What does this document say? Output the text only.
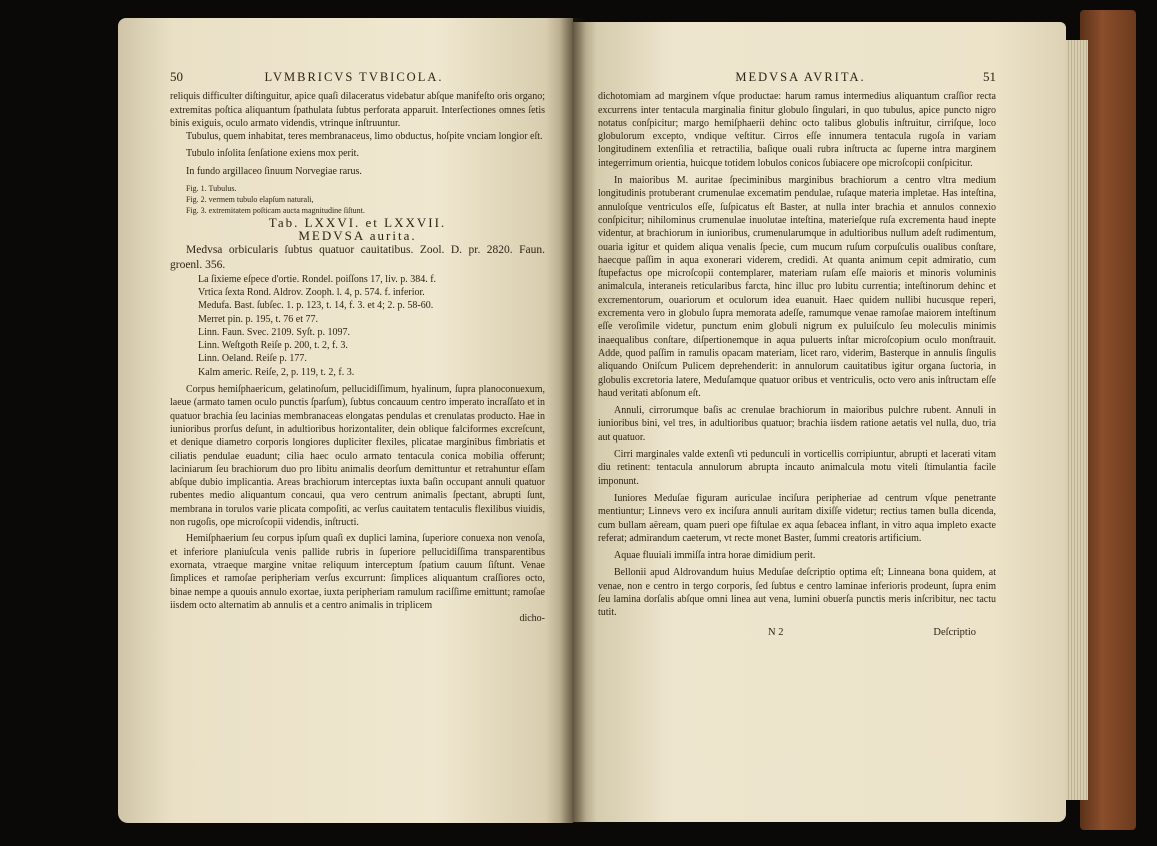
50	LVMBRICVS TVBICOLA.

reliquis difficulter diſtinguitur, apice quaſi dilaceratus videbatur abſque manifeſto oris organo; extremitas poſtica aliquantum ſpathulata ſubtus perforata apparuit. Interſectiones omnes ſetis binis exiguis, oculo armato videndis, vtrinque inſtruuntur.

Tubulus, quem inhabitat, teres membranaceus, limo obductus, hoſpite vnciam longior eſt.

Tubulo inſolita ſenſatione exiens mox perit.

In fundo argillaceo ſinuum Norvegiae rarus.

Fig. 1. Tubulus.

Fig. 2. vermem tubulo elapſum naturali,

Fig. 3. extremitatem poſticam aucta magnitudine ſiſtunt.

Tab. LXXVI. et LXXVII.

MEDVSA aurita.

Medvsa orbicularis ſubtus quatuor cauitatibus. Zool. D. pr. 2820. Faun. groenl. 356.

La ſixieme eſpece d'ortie. Rondel. poiſſons 17, liv. p. 384. f.

Vrtica ſexta Rond. Aldrov. Zooph. l. 4, p. 574. f. inferior.

Medufa. Bast. ſubſec. 1. p. 123, t. 14, f. 3. et 4; 2. p. 58-60.

Merret pin. p. 195, t. 76 et 77.

Linn. Faun. Svec. 2109. Syſt. p. 1097.

Linn. Weſtgoth Reiſe p. 200, t. 2, f. 3.

Linn. Oeland. Reiſe p. 177.

Kalm americ. Reiſe, 2, p. 119, t. 2, f. 3.

Corpus hemiſphaericum, gelatinoſum, pellucidiſſimum, hyalinum, ſupra planoconuexum, laeue (armato tamen oculo punctis ſparſum), ſubtus concauum centro imperato incraſſato et in quatuor brachia ſeu lacinias membranaceas elongatas pendulas et crenulatas producto. Hae in iunioribus prorſus deſunt, in adultioribus horizontaliter, dein oblique falciformes excreſcunt, et denique diametro corporis longiores dupliciter flexiles, plicatae marginibus fimbriatis et ciliatis pendulae euadunt; cilia haec oculo armato tentacula conica mobilia offerunt; laciniarum ſeu brachiorum duo pro libitu animalis deorſum demittuntur et retrahuntur eſſam abſque dubio implicantia. Areas brachiorum interceptas iuxta baſin occupant annuli quatuor rubentes medio aliquantum concaui, qua vero centrum animalis ſpectant, abrupti ſunt, membrana in torulos varie plicata compoſiti, ac verſus cauitatem tentaculis flexilibus viuidis, non rugoſis, ope microſcopii videndis, inſtructi.

Hemiſphaerium ſeu corpus ipſum quaſi ex duplici lamina, ſuperiore conuexa non venoſa, et inferiore planiuſcula venis pallide rubris in ſuperiore pellucidiſſima transparentibus exornata, vtraeque margine vnitae reliquum interceptum ſpatium cauum ſiſtunt. Venae ſimplices et ramoſae peripheriam verſus excurrunt: ſimplices aliquantum craſſiores octo, binae nempe a quouis annulo exortae, iuxta peripheriam ramulum raciſſime emittunt; ramoſae iisdem octo alternatim ab annulis et a centro animalis in triplicem

dicho-

MEDVSA AVRITA.	51

dichotomiam ad marginem vſque productae: harum ramus intermedius aliquantum craſſior recta excurrens inter tentacula marginalia finitur globulo ſingulari, in quo tubulus, apice puncto nigro notatus conſpicitur; margo hemiſphaerii dehinc octo talibus globulis inſtruitur, cirriſque, loco globulorum excepto, vndique veſtitur. Cirros eſſe innumera tentacula rugoſa in variam longitudinem extenſilia et retractilia, baſique ouali rubra inſtructa ac ſuperne intra marginem integerrimum orientia, huicque totidem lobulos conicos ſubiacere ope microſcopii conſpicitur.

In maioribus M. auritae ſpeciminibus marginibus brachiorum a centro vltra medium longitudinis protuberant crumenulae excematim pendulae, ruſaque materia impletae. Has inteſtina, annuloſque ventriculos eſſe, ſuſpicatus eſt Baster, at nulla inter brachia et annulos connexio conſpicitur; nihilominus crumenulae inuolutae inteſtina, materieſque ruſa excrementa haud inepte videntur, at brachiorum in iunioribus, crumenularumque in adultioribus nullum adeſt rudimentum, ouaria igitur et quidem aliqua venalis ſpecie, cum mucum ruſum corpuſculis oualibus conſtare, haecque paſſim in aqua exonerari viderem, credidi. At quanta animum cepit admiratio, cum ſtupefactus ope microſcopii contemplarer, materiam ruſam eſſe maioris et minoris voluminis animalcula, interaneis reticularibus farcta, hinc illuc pro lubitu currentia; inteſtinorum dehinc et excrementorum, ouariorum et oculorum idea euanuit. Haec quidem nullibi hucusque reperi, excrementa vero in globulo ſupra memorata adeſſe, ramumque venae ramoſae maiorem inteſtinum eſſe veroſimile videtur, punctum enim globuli nigrum ex puluiſculo ſeu moleculis minimis inaequalibus conſtare, diſpertionemque in aqua puluerts inſtar microſcopium oculo monſtrauit. Adde, quod paſſim in ramulis opacam materiam, licet raro, viderim, Basterque in annulis ſingulis aliquando Oniſcum Pulicem deprehenderit: in annulorum cauitatibus igitur organa ſuctoria, in globulis excretoria latere, Meduſamque quatuor oribus et ventriculis, octo vero anis inſtructam eſſe haud veritati abſonum eſt.

Annuli, cirrorumque baſis ac crenulae brachiorum in maioribus pulchre rubent. Annuli in iunioribus bini, vel tres, in adultioribus quatuor; brachia iisdem ratione aetatis vel nulla, duo, tria aut quatuor.

Cirri marginales valde extenſi vti pedunculi in vorticellis corripiuntur, abrupti et lacerati vitam diu retinent: tentacula annulorum abrupta incauto animalcula motu viteli ſtimulantia facile imponunt.

Iuniores Meduſae figuram auriculae inciſura peripheriae ad centrum vſque penetrante mentiuntur; Linnevs vero ex inciſura annuli auritam dixiſſe videtur; rectius tamen bulla dicenda, cum bullam aëream, quam pueri ope fiſtulae ex aqua ſebacea inflant, in vitro aqua impleto exacte referat; admirandum caeterum, vt recte monet Baster, ſummi creatoris artificium.

Aquae fluuiali immiſſa intra horae dimidium perit.

Bellonii apud Aldrovandum huius Meduſae deſcriptio optima eſt; Linneana bona quidem, at venae, non e centro in tergo corporis, ſed ſubtus e centro laminae inferioris prodeunt, ſupra enim ſeu lamina dorſalis abſque omni linea aut vena, lumini obuerſa punctis meris inſcribitur, nec tactu tutit.

N 2	Deſcriptio
